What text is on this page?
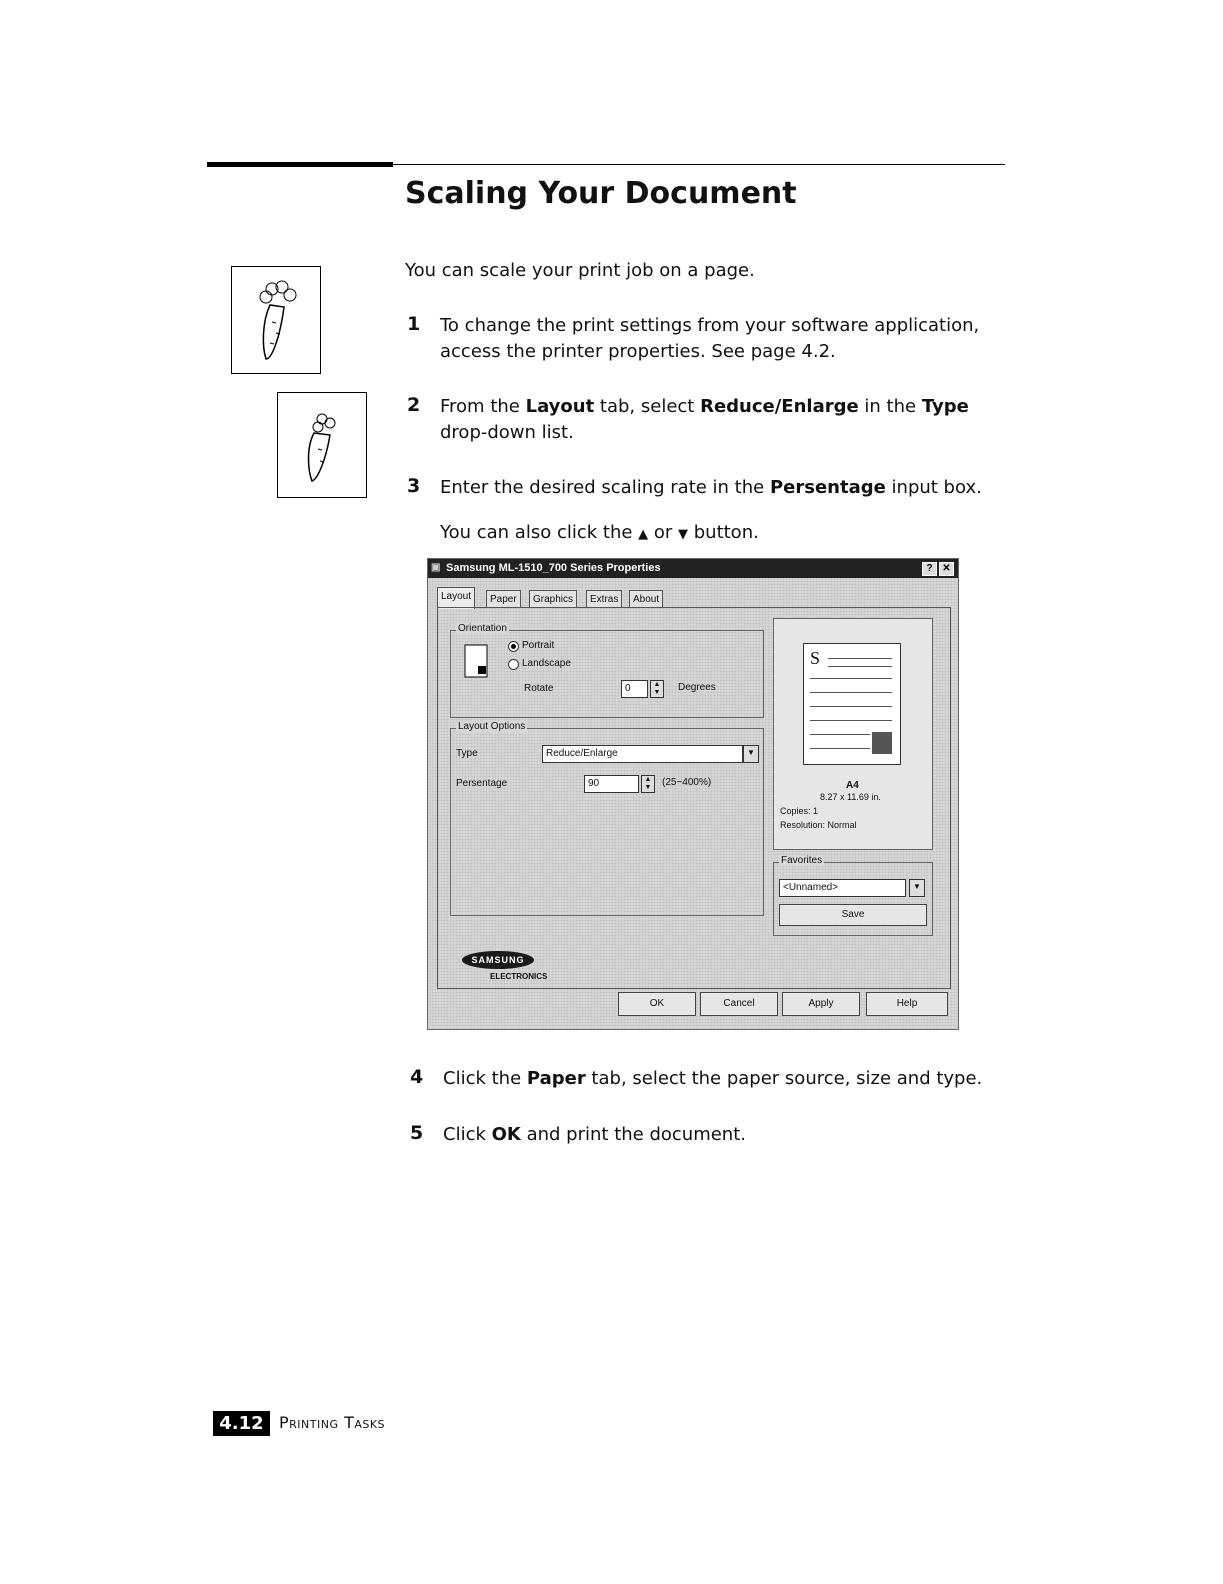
Scaling Your Document
You can scale your print job on a page.
1 To change the print settings from your software application,
access the printer properties. See page 4.2.
2 From the Layout tab, select Reduce/Enlarge in the Type
drop-down list.
3 Enter the desired scaling rate in the Persentage input box.
You can also click the ▲ or ▼ button.
▣ Samsung ML-1510_700 Series Properties	? ✕
Layout	Paper	Graphics	Extras	About
Orientation
Portrait
Landscape
Rotate	0	▲
▼	Degrees
Layout Options
Type	Reduce/Enlarge	▼
Persentage	90	▲
▼	(25~400%)
S
A4
8.27 x 11.69 in.
Copies: 1
Resolution: Normal
Favorites
<Unnamed>	▼
Save
SAMSUNG
ELECTRONICS
OK	Cancel	Apply	Help
4 Click the Paper tab, select the paper source, size and type.
5 Click OK and print the document.
4.12 Printing Tasks
